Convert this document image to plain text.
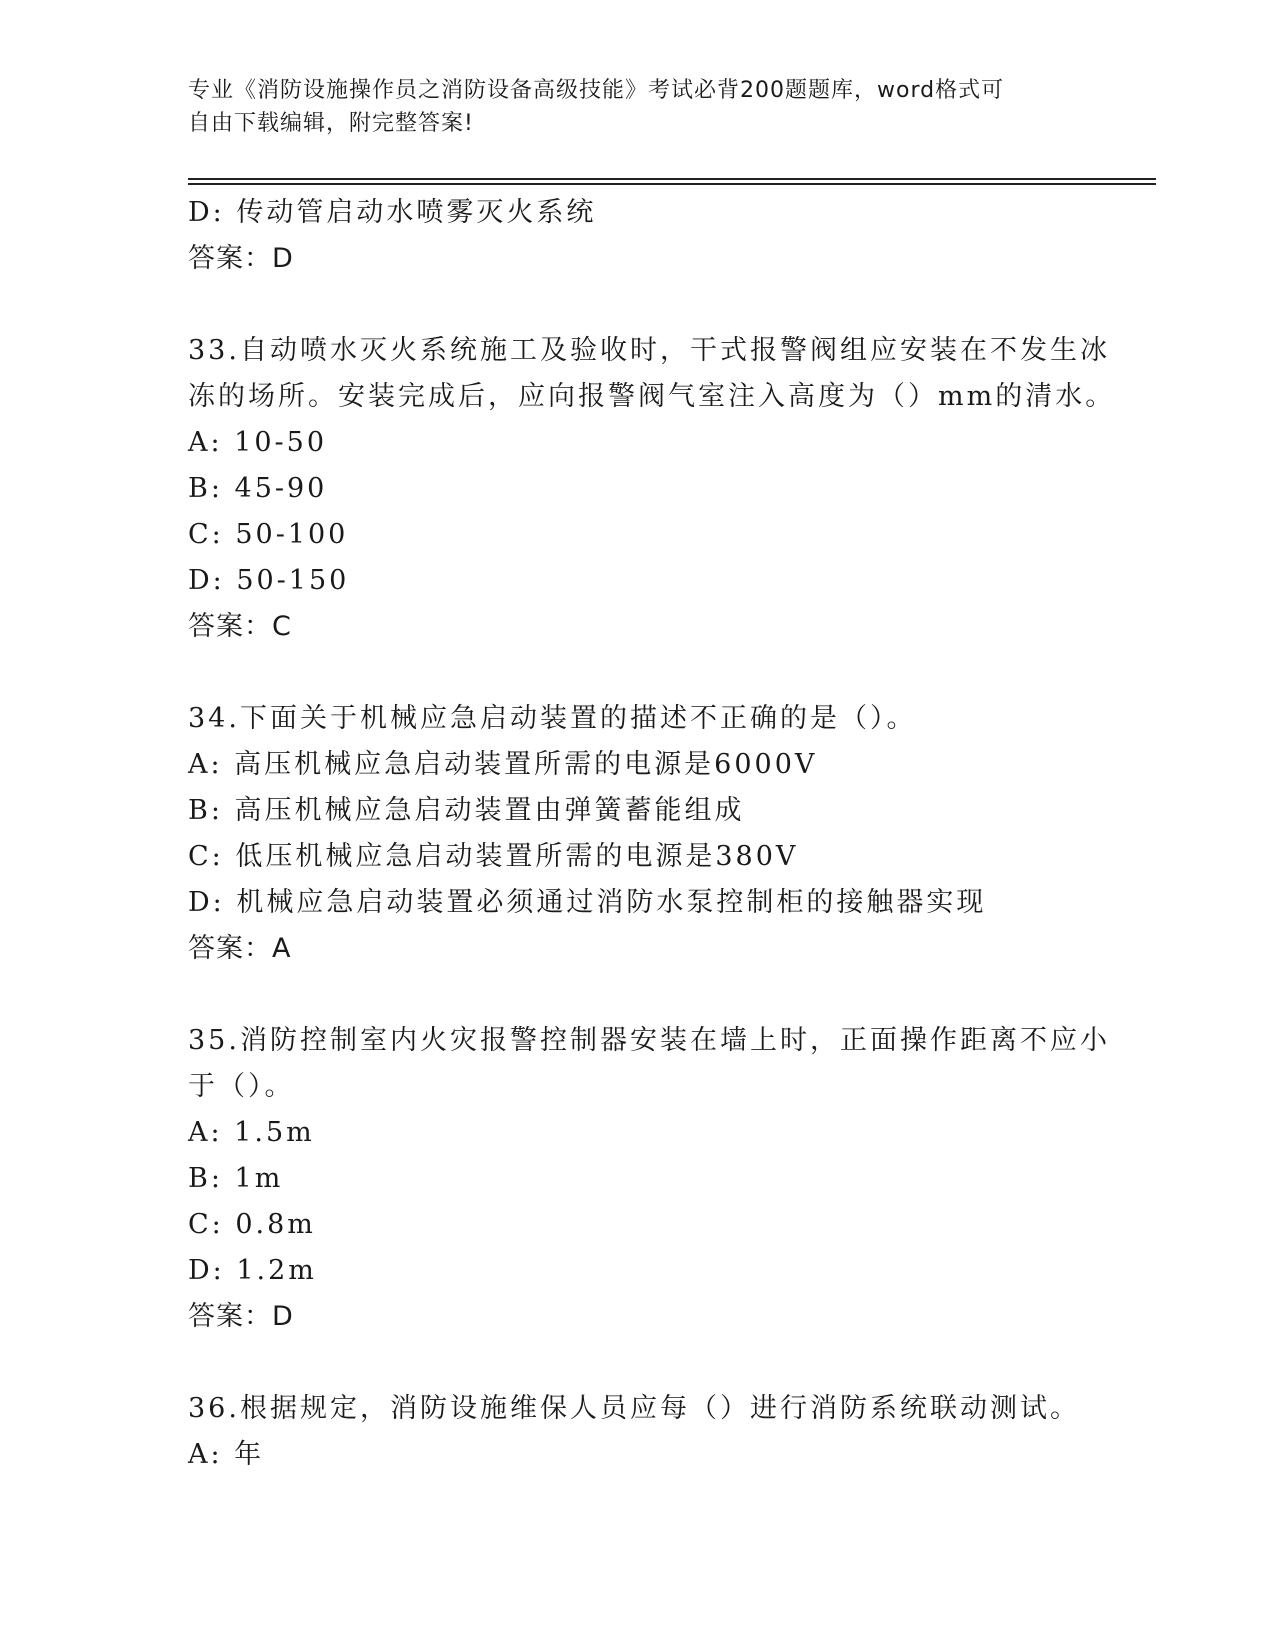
专业《消防设施操作员之消防设备高级技能》考试必背200题题库，word格式可
自由下载编辑，附完整答案!
D: 传动管启动水喷雾灭火系统
答案：D
33.自动喷水灭火系统施工及验收时，干式报警阀组应安装在不发生冰
冻的场所。安装完成后，应向报警阀气室注入高度为（）mm的清水。
A: 10-50
B: 45-90
C: 50-100
D: 50-150
答案：C
34.下面关于机械应急启动装置的描述不正确的是（）。
A: 高压机械应急启动装置所需的电源是6000V
B: 高压机械应急启动装置由弹簧蓄能组成
C: 低压机械应急启动装置所需的电源是380V
D: 机械应急启动装置必须通过消防水泵控制柜的接触器实现
答案：A
35.消防控制室内火灾报警控制器安装在墙上时，正面操作距离不应小
于（）。
A: 1.5m
B: 1m
C: 0.8m
D: 1.2m
答案：D
36.根据规定，消防设施维保人员应每（）进行消防系统联动测试。
A: 年
